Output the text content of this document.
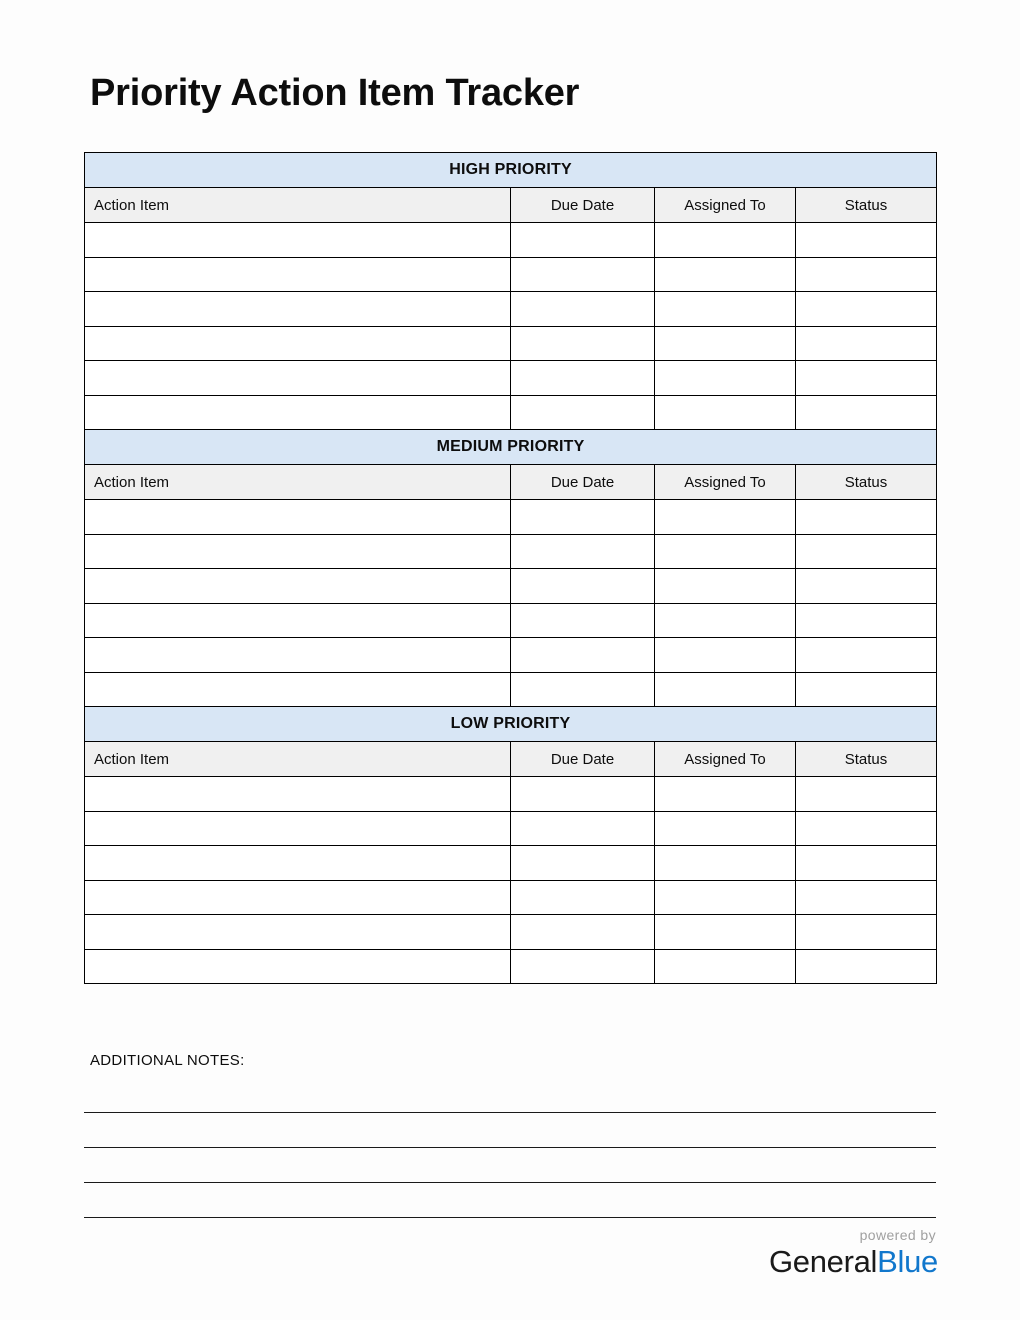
Priority Action Item Tracker
HIGH PRIORITY			
Action Item	Due Date	Assigned To	Status

MEDIUM PRIORITY			
Action Item	Due Date	Assigned To	Status

LOW PRIORITY			
Action Item	Due Date	Assigned To	Status

ADDITIONAL NOTES:
powered by
GeneralBlue
